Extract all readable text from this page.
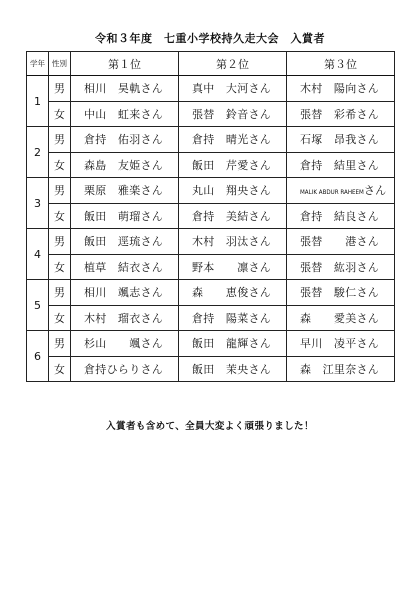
令和３年度　七重小学校持久走大会　入賞者
学年	性別	第１位	第２位	第３位
1	男	相川　昊軌さん	真中　大河さん	木村　陽向さん
	女	中山　虹来さん	張替　鈴音さん	張替　彩希さん
2	男	倉持　佑羽さん	倉持　晴光さん	石塚　昂我さん
	女	森島　友姫さん	飯田　芹愛さん	倉持　結里さん
3	男	栗原　雅楽さん	丸山　翔央さん	MALIK ABDUR RAHEEMさん
	女	飯田　萌瑠さん	倉持　美結さん	倉持　結良さん
4	男	飯田　逕琉さん	木村　羽汰さん	張替　　港さん
	女	植草　結衣さん	野本　　凛さん	張替　紘羽さん
5	男	相川　颯志さん	森　　恵俊さん	張替　駿仁さん
	女	木村　瑠衣さん	倉持　陽菜さん	森　　愛美さん
6	男	杉山　　颯さん	飯田　龍輝さん	早川　凌平さん
	女	倉持ひらりさん	飯田　茉央さん	森　江里奈さん
入賞者も含めて、全員大変よく頑張りました！
